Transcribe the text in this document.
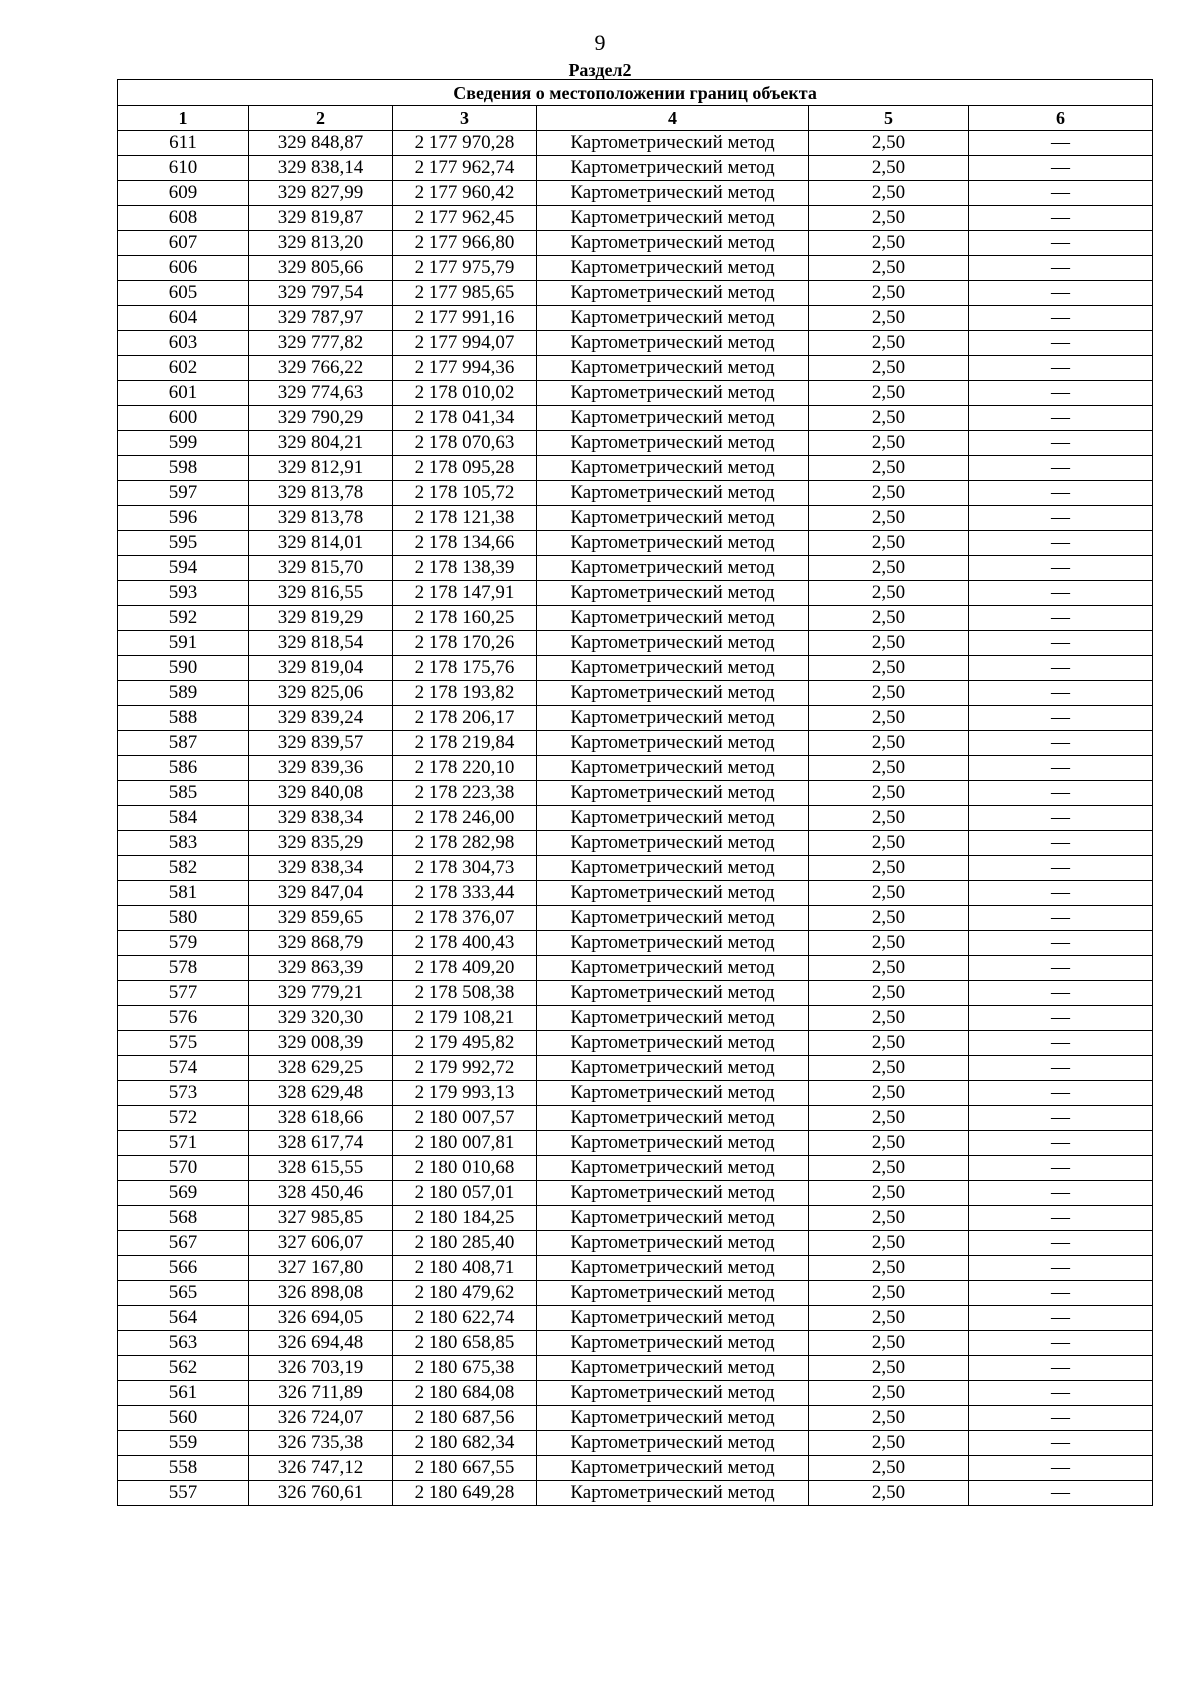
9
Раздел2
Сведения о местоположении границ объекта					
1	2	3	4	5	6
611	329 848,87	2 177 970,28	Картометрический метод	2,50	—
610	329 838,14	2 177 962,74	Картометрический метод	2,50	—
609	329 827,99	2 177 960,42	Картометрический метод	2,50	—
608	329 819,87	2 177 962,45	Картометрический метод	2,50	—
607	329 813,20	2 177 966,80	Картометрический метод	2,50	—
606	329 805,66	2 177 975,79	Картометрический метод	2,50	—
605	329 797,54	2 177 985,65	Картометрический метод	2,50	—
604	329 787,97	2 177 991,16	Картометрический метод	2,50	—
603	329 777,82	2 177 994,07	Картометрический метод	2,50	—
602	329 766,22	2 177 994,36	Картометрический метод	2,50	—
601	329 774,63	2 178 010,02	Картометрический метод	2,50	—
600	329 790,29	2 178 041,34	Картометрический метод	2,50	—
599	329 804,21	2 178 070,63	Картометрический метод	2,50	—
598	329 812,91	2 178 095,28	Картометрический метод	2,50	—
597	329 813,78	2 178 105,72	Картометрический метод	2,50	—
596	329 813,78	2 178 121,38	Картометрический метод	2,50	—
595	329 814,01	2 178 134,66	Картометрический метод	2,50	—
594	329 815,70	2 178 138,39	Картометрический метод	2,50	—
593	329 816,55	2 178 147,91	Картометрический метод	2,50	—
592	329 819,29	2 178 160,25	Картометрический метод	2,50	—
591	329 818,54	2 178 170,26	Картометрический метод	2,50	—
590	329 819,04	2 178 175,76	Картометрический метод	2,50	—
589	329 825,06	2 178 193,82	Картометрический метод	2,50	—
588	329 839,24	2 178 206,17	Картометрический метод	2,50	—
587	329 839,57	2 178 219,84	Картометрический метод	2,50	—
586	329 839,36	2 178 220,10	Картометрический метод	2,50	—
585	329 840,08	2 178 223,38	Картометрический метод	2,50	—
584	329 838,34	2 178 246,00	Картометрический метод	2,50	—
583	329 835,29	2 178 282,98	Картометрический метод	2,50	—
582	329 838,34	2 178 304,73	Картометрический метод	2,50	—
581	329 847,04	2 178 333,44	Картометрический метод	2,50	—
580	329 859,65	2 178 376,07	Картометрический метод	2,50	—
579	329 868,79	2 178 400,43	Картометрический метод	2,50	—
578	329 863,39	2 178 409,20	Картометрический метод	2,50	—
577	329 779,21	2 178 508,38	Картометрический метод	2,50	—
576	329 320,30	2 179 108,21	Картометрический метод	2,50	—
575	329 008,39	2 179 495,82	Картометрический метод	2,50	—
574	328 629,25	2 179 992,72	Картометрический метод	2,50	—
573	328 629,48	2 179 993,13	Картометрический метод	2,50	—
572	328 618,66	2 180 007,57	Картометрический метод	2,50	—
571	328 617,74	2 180 007,81	Картометрический метод	2,50	—
570	328 615,55	2 180 010,68	Картометрический метод	2,50	—
569	328 450,46	2 180 057,01	Картометрический метод	2,50	—
568	327 985,85	2 180 184,25	Картометрический метод	2,50	—
567	327 606,07	2 180 285,40	Картометрический метод	2,50	—
566	327 167,80	2 180 408,71	Картометрический метод	2,50	—
565	326 898,08	2 180 479,62	Картометрический метод	2,50	—
564	326 694,05	2 180 622,74	Картометрический метод	2,50	—
563	326 694,48	2 180 658,85	Картометрический метод	2,50	—
562	326 703,19	2 180 675,38	Картометрический метод	2,50	—
561	326 711,89	2 180 684,08	Картометрический метод	2,50	—
560	326 724,07	2 180 687,56	Картометрический метод	2,50	—
559	326 735,38	2 180 682,34	Картометрический метод	2,50	—
558	326 747,12	2 180 667,55	Картометрический метод	2,50	—
557	326 760,61	2 180 649,28	Картометрический метод	2,50	—
